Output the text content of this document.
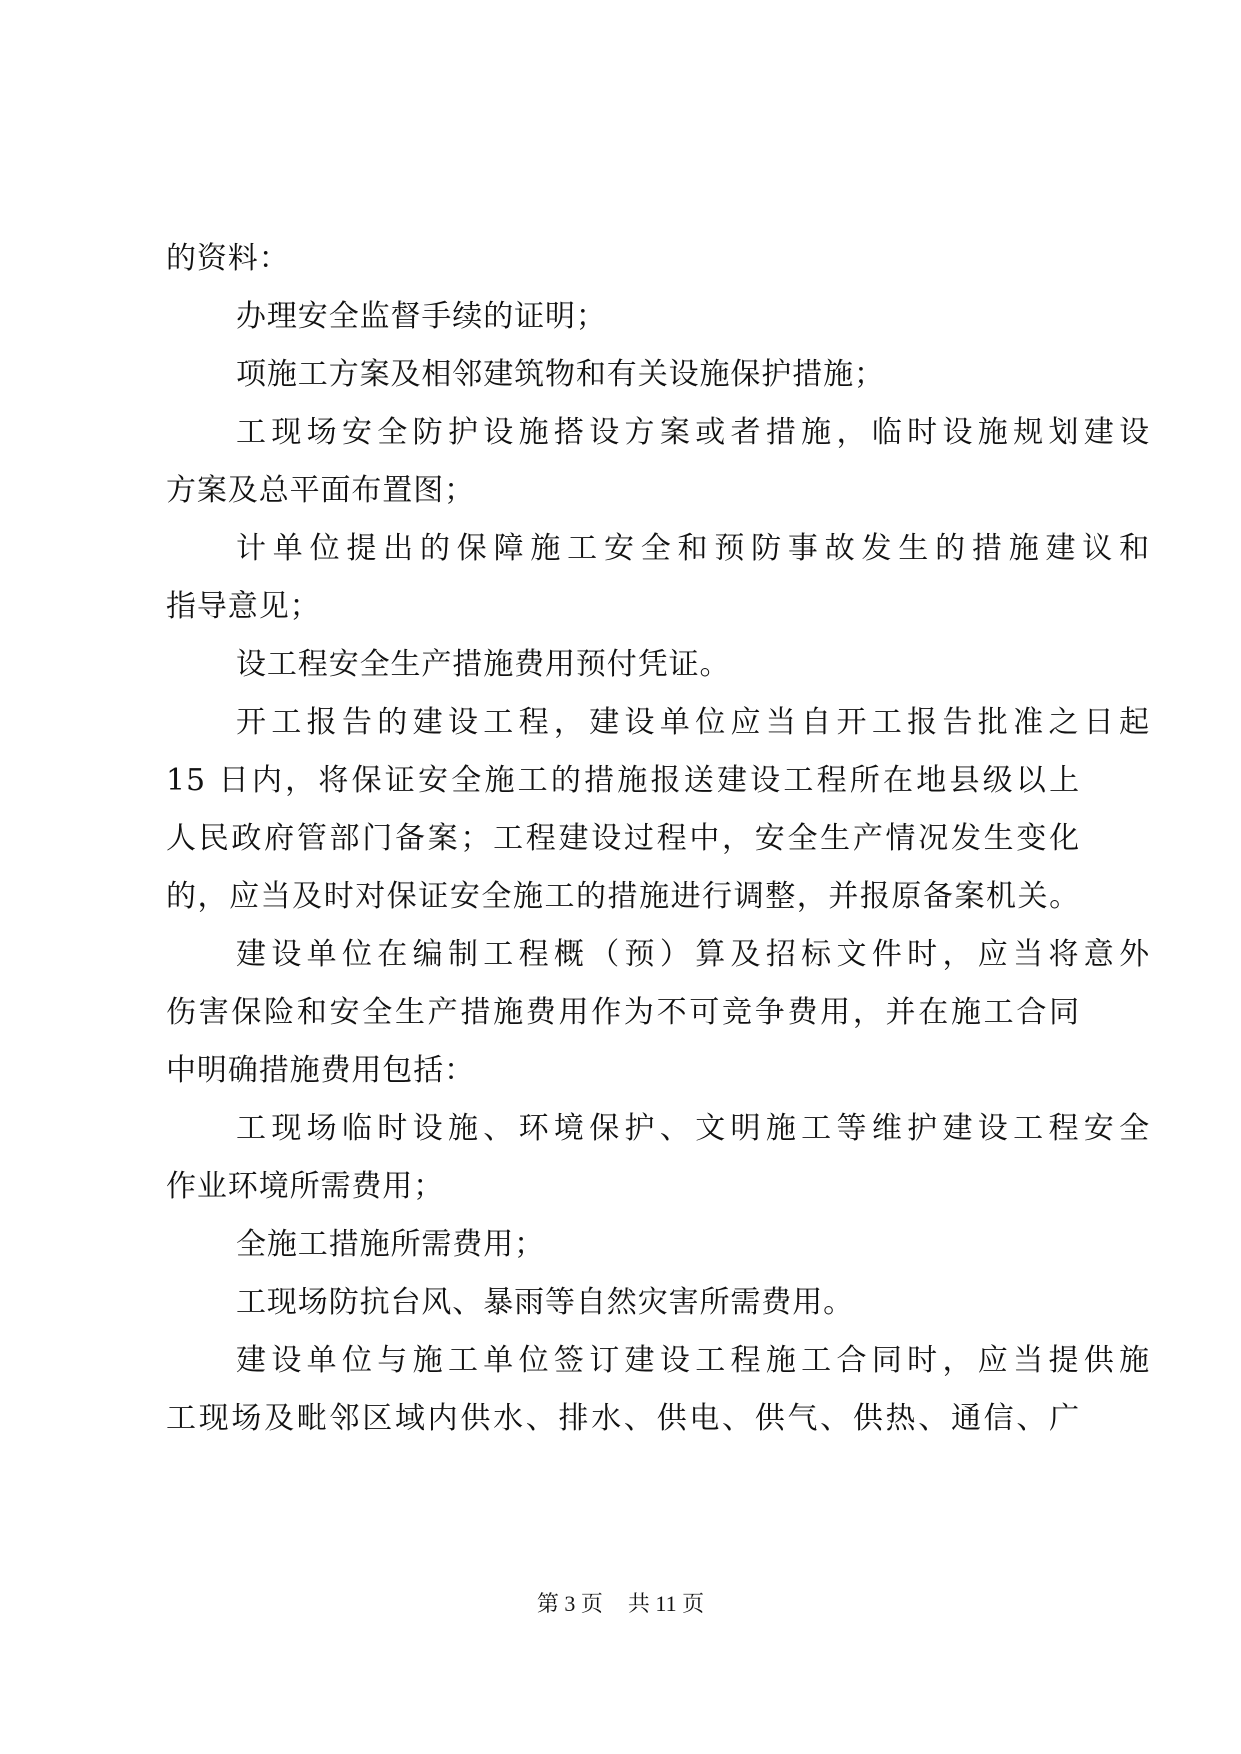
的资料：
办理安全监督手续的证明；
项施工方案及相邻建筑物和有关设施保护措施；
工现场安全防护设施搭设方案或者措施，临时设施规划建设
方案及总平面布置图；
计单位提出的保障施工安全和预防事故发生的措施建议和
指导意见；
设工程安全生产措施费用预付凭证。
开工报告的建设工程，建设单位应当自开工报告批准之日起
15 日内，将保证安全施工的措施报送建设工程所在地县级以上
人民政府管部门备案；工程建设过程中，安全生产情况发生变化
的，应当及时对保证安全施工的措施进行调整，并报原备案机关。
建设单位在编制工程概（预）算及招标文件时，应当将意外
伤害保险和安全生产措施费用作为不可竞争费用，并在施工合同
中明确措施费用包括：
工现场临时设施、环境保护、文明施工等维护建设工程安全
作业环境所需费用；
全施工措施所需费用；
工现场防抗台风、暴雨等自然灾害所需费用。
建设单位与施工单位签订建设工程施工合同时，应当提供施
工现场及毗邻区域内供水、排水、供电、供气、供热、通信、广
第 3 页 共 11 页
